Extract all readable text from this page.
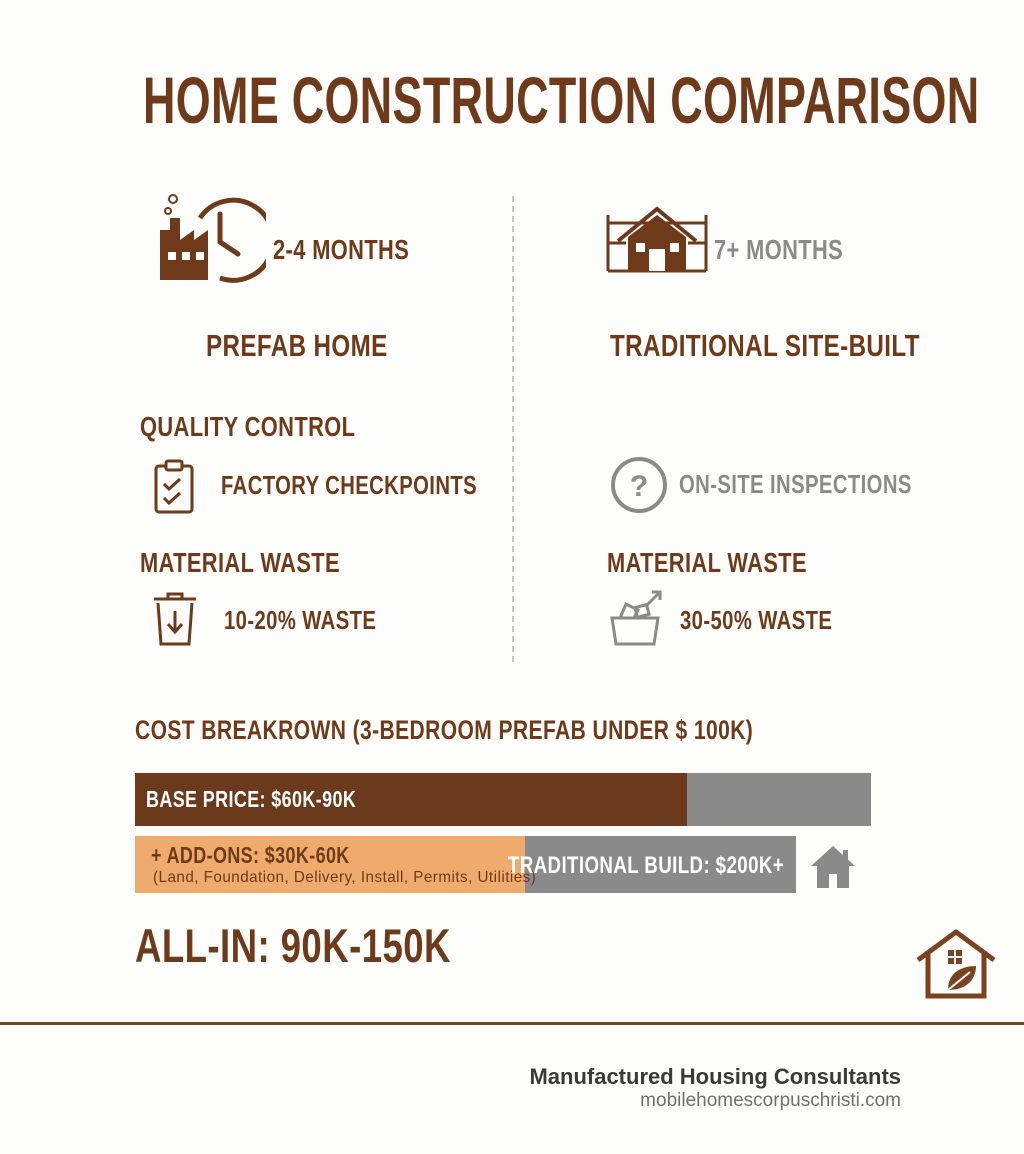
HOME CONSTRUCTION COMPARISON
2-4 MONTHS
PREFAB HOME
QUALITY CONTROL
FACTORY CHECKPOINTS
MATERIAL WASTE
10-20% WASTE
7+ MONTHS
TRADITIONAL SITE-BUILT
? ON-SITE INSPECTIONS
MATERIAL WASTE
30-50% WASTE
COST BREAKROWN (3-BEDROOM PREFAB UNDER $ 100K)
BASE PRICE: $60K-90K
+ ADD-ONS: $30K-60K
(Land, Foundation, Delivery, Install, Permits, Utilities)
TRADITIONAL BUILD: $200K+
ALL-IN: 90K-150K
Manufactured Housing Consultants
mobilehomescorpuschristi.com
